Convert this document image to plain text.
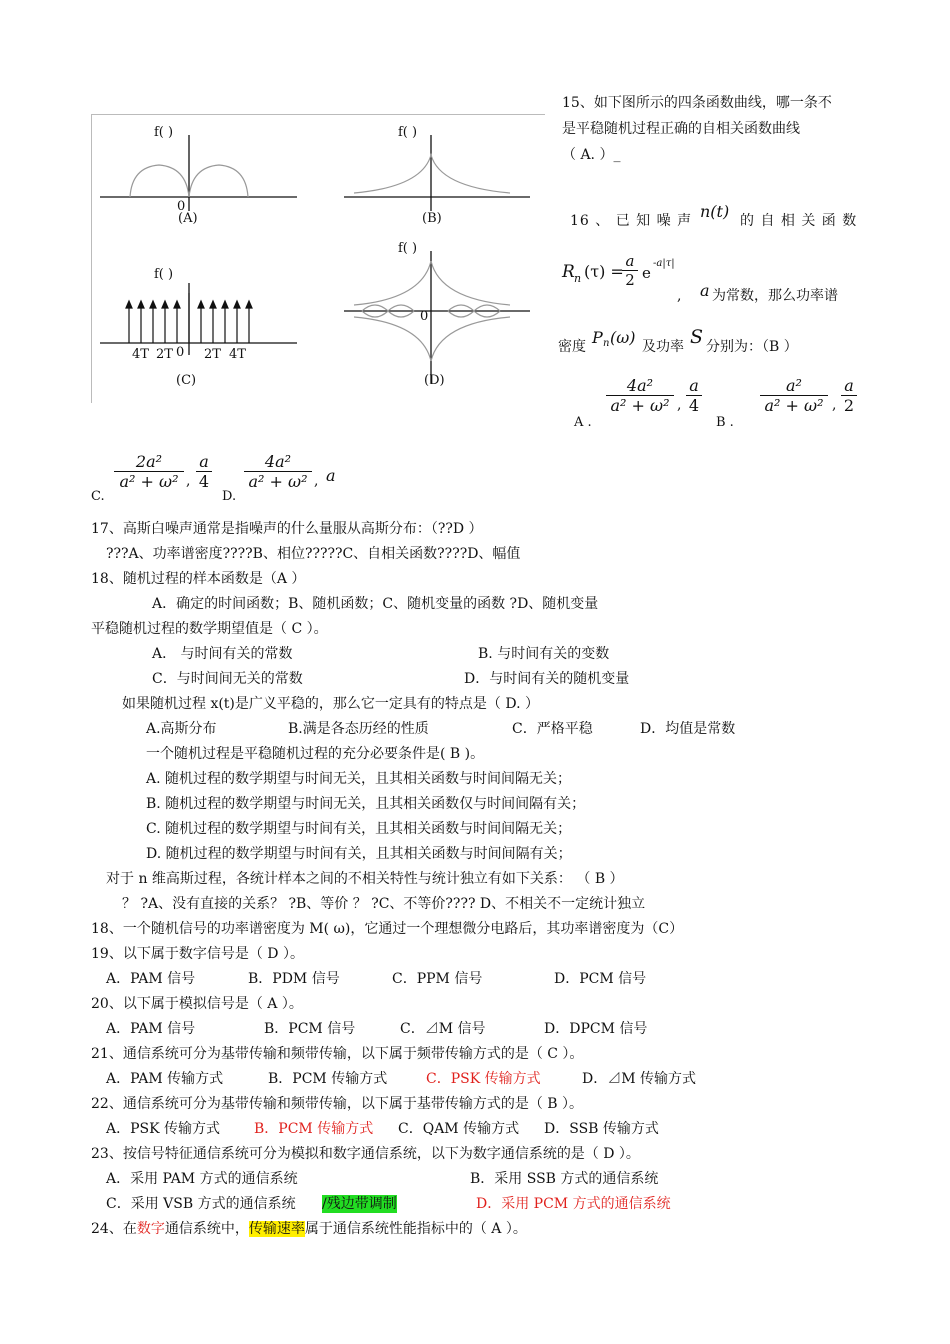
f( )
0
(A)
f( )
(B)
f( )
0
4T 2T 2T 4T
(C)
f( )
0
(D)
15、如下图所示的四条函数曲线，哪一条不
是平稳随机过程正确的自相关函数曲线
（ A. ）_
16 、 已 知 噪 声 n(t) 的 自 相 关 函 数
R n (τ) =
$\frac{a}{2}$ e
-a|τ|
, a 为常数，那么功率谱
密度 P n (ω) 及功率 S 分别为：（B ）
A .
$\frac{\text{4a²}}{\text{a² + ω²}}$ , $\frac{a}{4}$
B .
$\frac{\text{a²}}{\text{a² + ω²}}$ , $\frac{a}{2}$
C.
$\frac{\text{2a²}}{\text{a² + ω²}}$ , $\frac{a}{4}$
D.
$\frac{\text{4a²}}{\text{a² + ω²}}$ , a
17、高斯白噪声通常是指噪声的什么量服从高斯分布：（??D ）
???A、功率谱密度????B、相位?????C、自相关函数????D、幅值
18、随机过程的样本函数是（A ）
A．确定的时间函数；B、随机函数；C、随机变量的函数 ?D、随机变量
平稳随机过程的数学期望值是（ C ）。
A． 与时间有关的常数	B. 与时间有关的变数
C．与时间间无关的常数	D．与时间有关的随机变量
如果随机过程 x(t)是广义平稳的，那么它一定具有的特点是（ D. ）
A.高斯分布	B.满是各态历经的性质	C．严格平稳	D．均值是常数
一个随机过程是平稳随机过程的充分必要条件是( B )。
A. 随机过程的数学期望与时间无关，且其相关函数与时间间隔无关；
B. 随机过程的数学期望与时间无关，且其相关函数仅与时间间隔有关；
C. 随机过程的数学期望与时间有关，且其相关函数与时间间隔无关；
D. 随机过程的数学期望与时间有关，且其相关函数与时间间隔有关；
对于 n 维高斯过程，各统计样本之间的不相关特性与统计独立有如下关系： （ B ）
？ ?A、没有直接的关系？ ?B、等价 ？ ?C、不等价???? D、不相关不一定统计独立
18、一个随机信号的功率谱密度为 M( ω)，它通过一个理想微分电路后，其功率谱密度为（C）
19、以下属于数字信号是（ D ）。
A．PAM 信号	B．PDM 信号	C．PPM 信号	D．PCM 信号
20、以下属于模拟信号是（ A ）。
A．PAM 信号	B．PCM 信号	C．⊿M 信号	D．DPCM 信号
21、通信系统可分为基带传输和频带传输，以下属于频带传输方式的是（ C ）。
A．PAM 传输方式	B．PCM 传输方式	C．PSK 传输方式	D．⊿M 传输方式
22、通信系统可分为基带传输和频带传输，以下属于基带传输方式的是（ B ）。
A．PSK 传输方式 B．PCM 传输方式 C．QAM 传输方式 D．SSB 传输方式
23、按信号特征通信系统可分为模拟和数字通信系统，以下为数字通信系统的是（ D ）。
A．采用 PAM 方式的通信系统	B．采用 SSB 方式的通信系统
C．采用 VSB 方式的通信系统 /残边带调制	D．采用 PCM 方式的通信系统
24、在数字通信系统中，传输速率属于通信系统性能指标中的（ A ）。
